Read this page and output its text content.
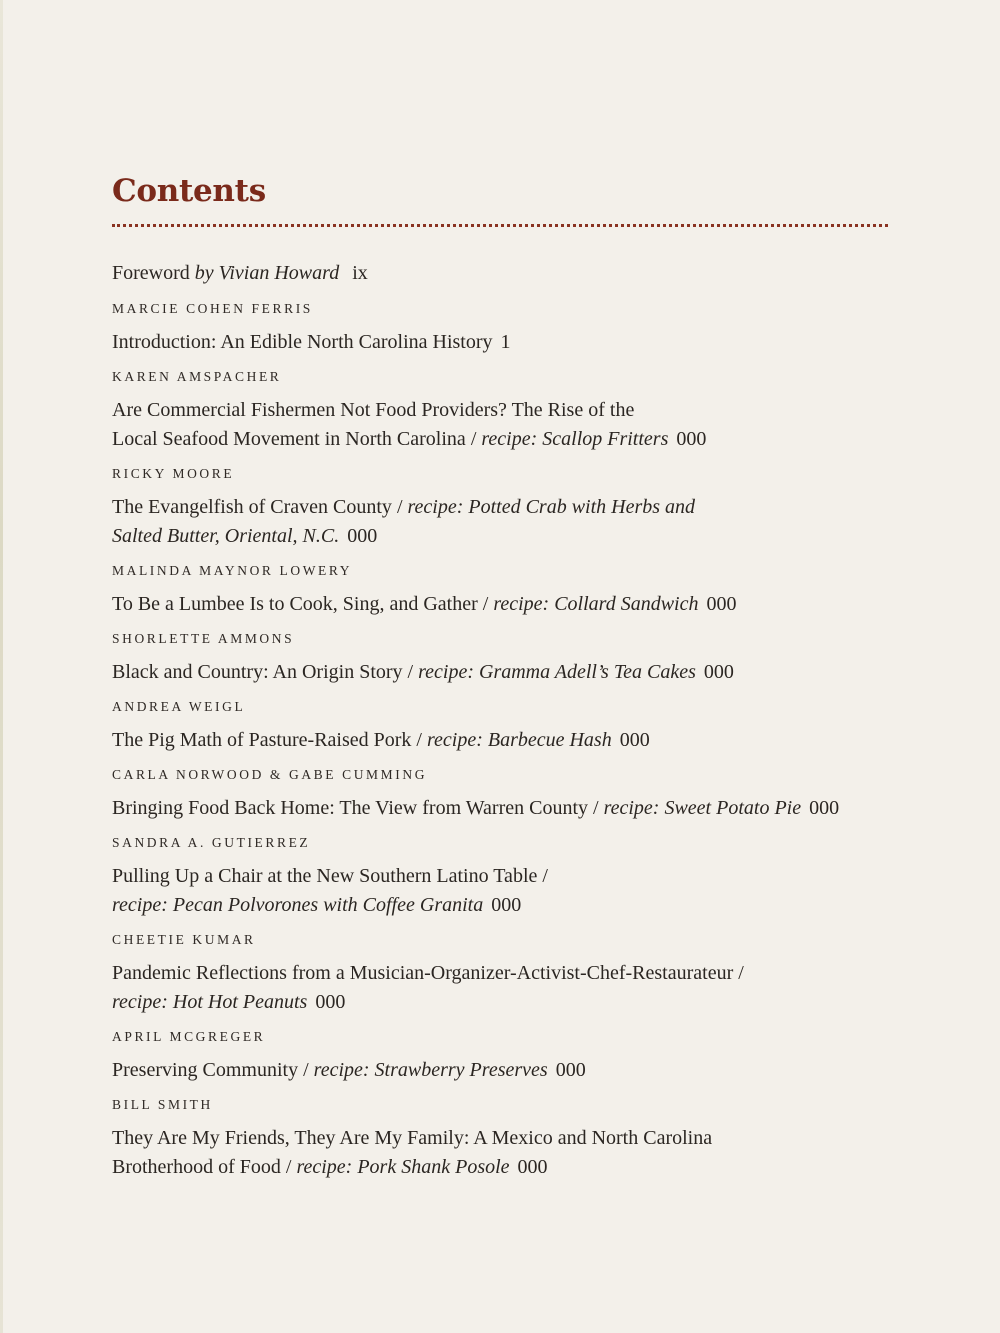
Contents
Foreword by Vivian Howard ix
MARCIE COHEN FERRIS

Introduction: An Edible North Carolina History 1

KAREN AMSPACHER

Are Commercial Fishermen Not Food Providers? The Rise of the
Local Seafood Movement in North Carolina / recipe: Scallop Fritters 000

RICKY MOORE

The Evangelfish of Craven County / recipe: Potted Crab with Herbs and
Salted Butter, Oriental, N.C. 000

MALINDA MAYNOR LOWERY

To Be a Lumbee Is to Cook, Sing, and Gather / recipe: Collard Sandwich 000

SHORLETTE AMMONS

Black and Country: An Origin Story / recipe: Gramma Adell’s Tea Cakes 000

ANDREA WEIGL

The Pig Math of Pasture-Raised Pork / recipe: Barbecue Hash 000

CARLA NORWOOD & GABE CUMMING

Bringing Food Back Home: The View from Warren County / recipe: Sweet Potato Pie 000

SANDRA A. GUTIERREZ

Pulling Up a Chair at the New Southern Latino Table /
recipe: Pecan Polvorones with Coffee Granita 000

CHEETIE KUMAR

Pandemic Reflections from a Musician-Organizer-Activist-Chef-Restaurateur /
recipe: Hot Hot Peanuts 000

APRIL MCGREGER

Preserving Community / recipe: Strawberry Preserves 000

BILL SMITH

They Are My Friends, They Are My Family: A Mexico and North Carolina
Brotherhood of Food / recipe: Pork Shank Posole 000
